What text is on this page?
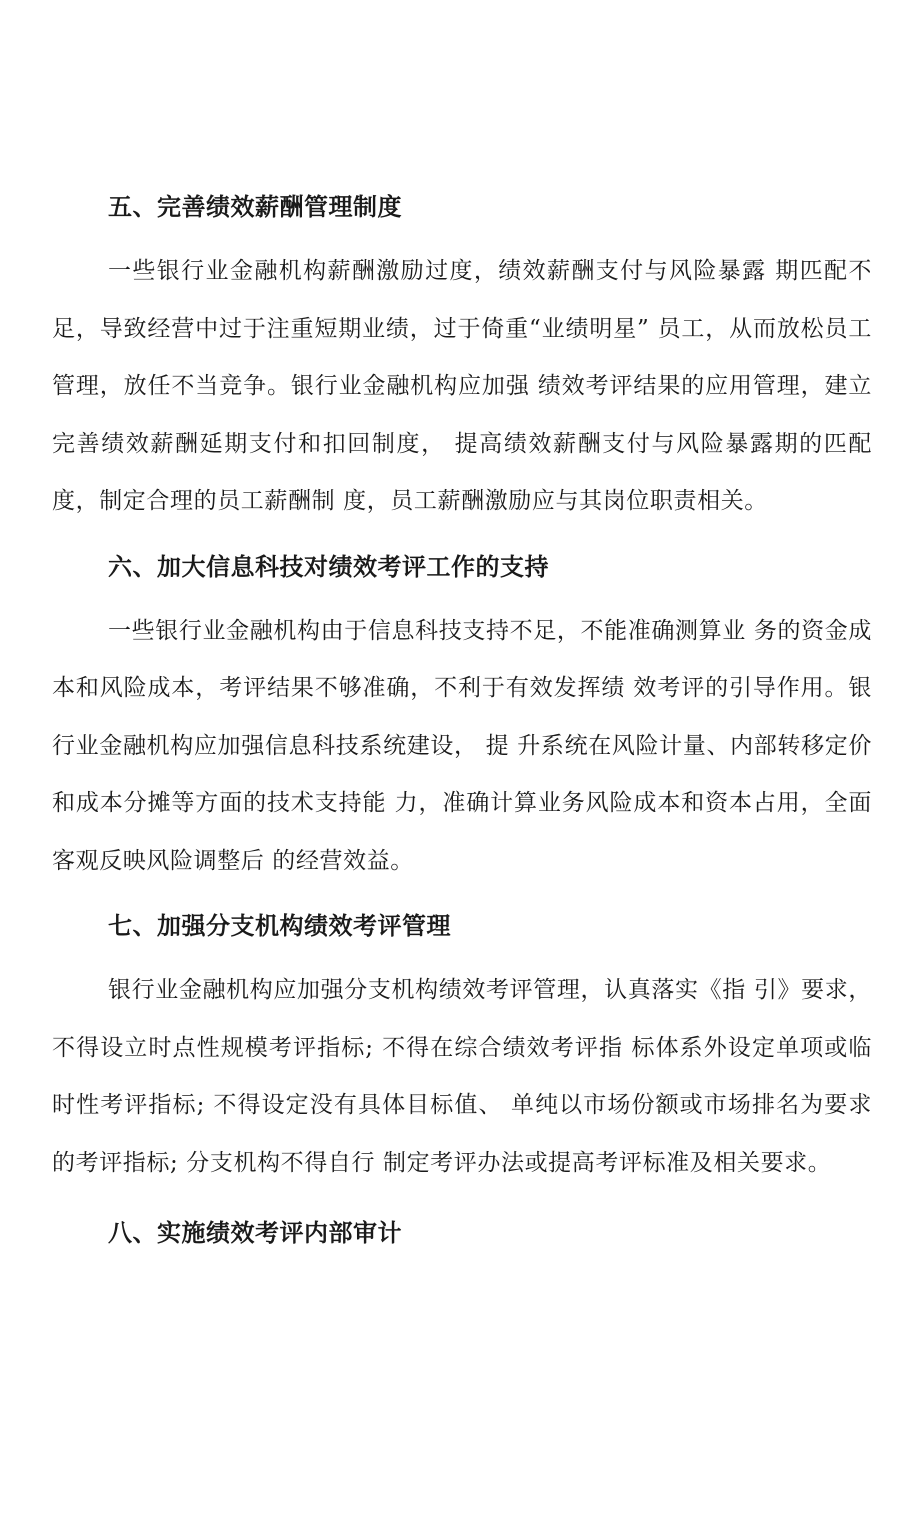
五、完善绩效薪酬管理制度

一些银行业金融机构薪酬激励过度，绩效薪酬支付与风险暴露 期匹配不足，导致经营中过于注重短期业绩，过于倚重“业绩明星” 员工，从而放松员工管理，放任不当竞争。银行业金融机构应加强 绩效考评结果的应用管理，建立完善绩效薪酬延期支付和扣回制度， 提高绩效薪酬支付与风险暴露期的匹配度，制定合理的员工薪酬制 度，员工薪酬激励应与其岗位职责相关。

六、加大信息科技对绩效考评工作的支持

一些银行业金融机构由于信息科技支持不足，不能准确测算业 务的资金成本和风险成本，考评结果不够准确，不利于有效发挥绩 效考评的引导作用。银行业金融机构应加强信息科技系统建设， 提 升系统在风险计量、内部转移定价和成本分摊等方面的技术支持能 力，准确计算业务风险成本和资本占用，全面客观反映风险调整后 的经营效益。

七、加强分支机构绩效考评管理

银行业金融机构应加强分支机构绩效考评管理，认真落实《指 引》要求，不得设立时点性规模考评指标; 不得在综合绩效考评指 标体系外设定单项或临时性考评指标; 不得设定没有具体目标值、 单纯以市场份额或市场排名为要求的考评指标; 分支机构不得自行 制定考评办法或提高考评标准及相关要求。

八、实施绩效考评内部审计
